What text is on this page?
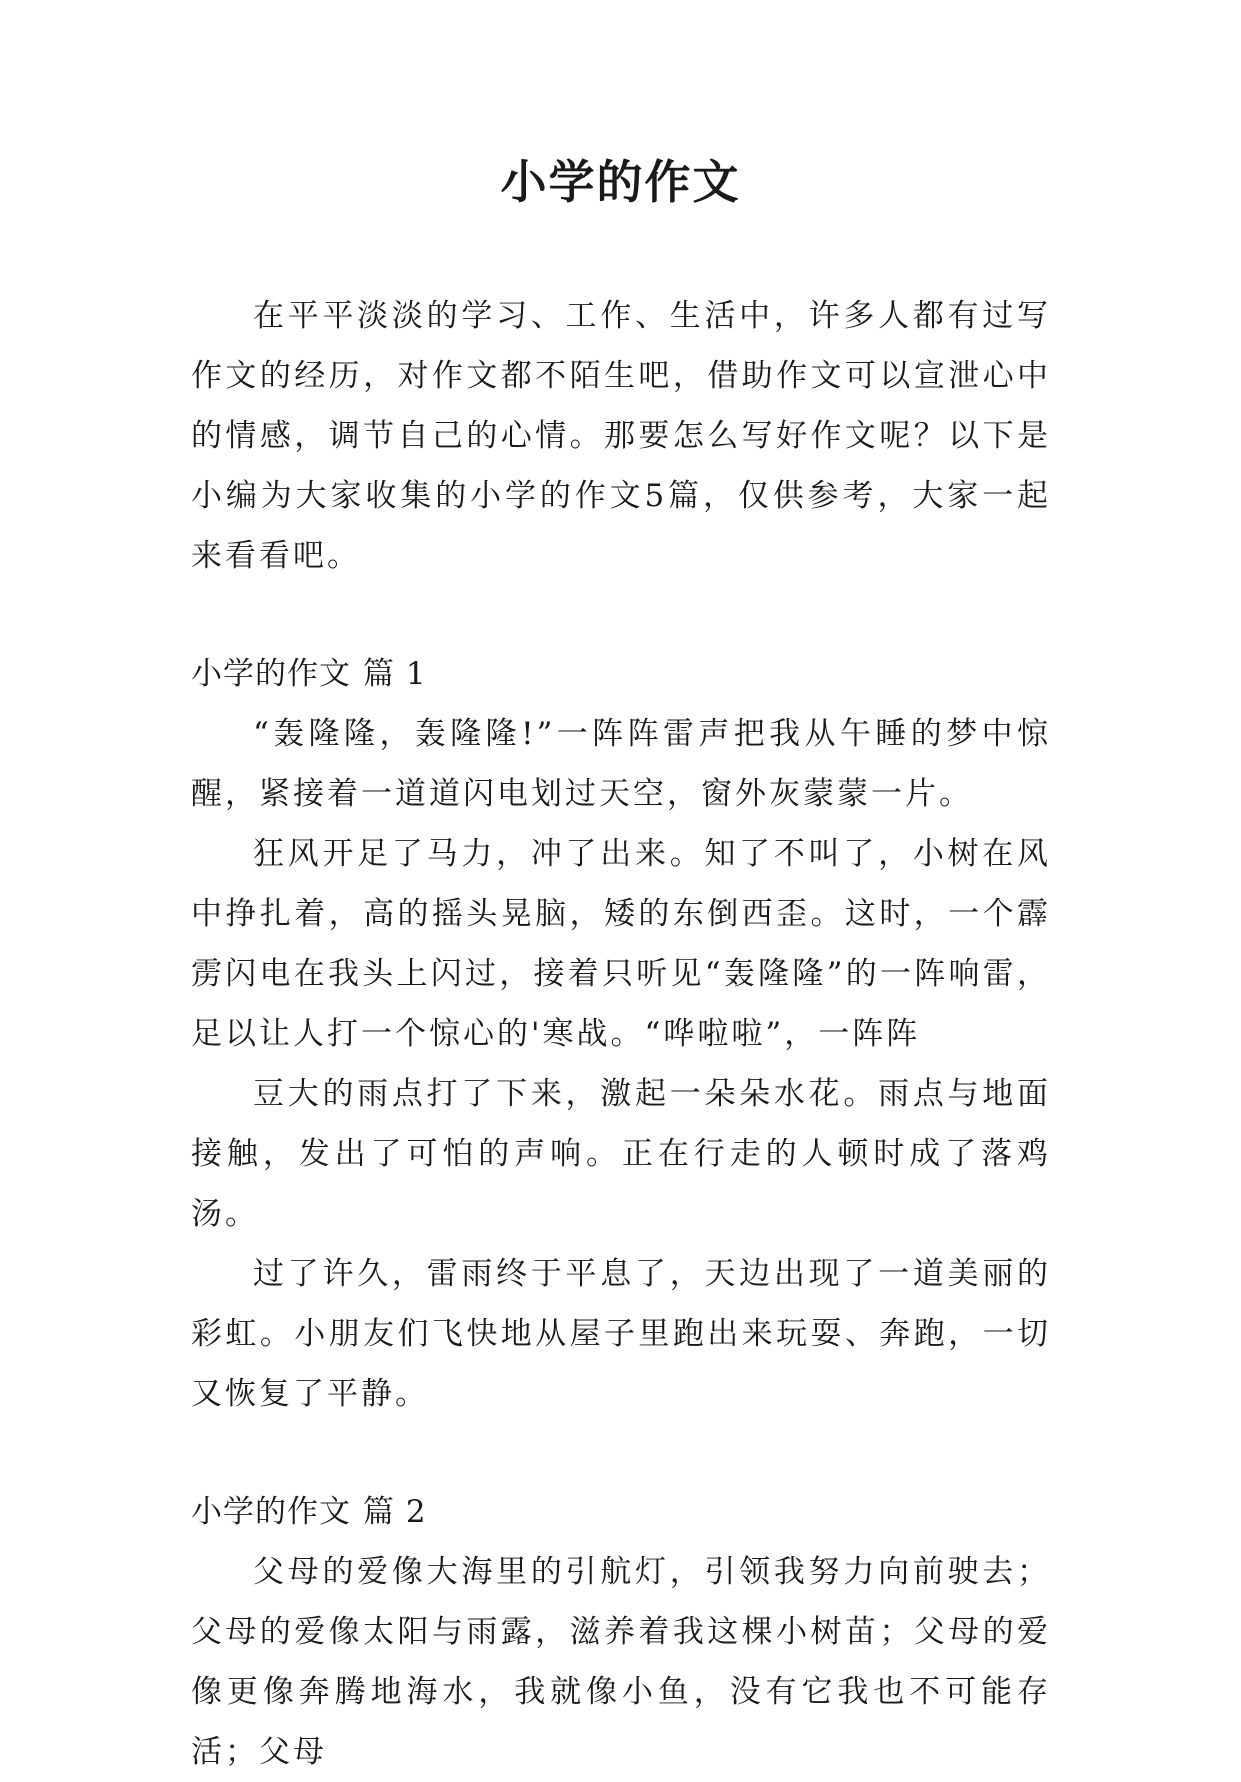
小学的作文

在平平淡淡的学习、工作、生活中，许多人都有过写作文的经历，对作文都不陌生吧，借助作文可以宣泄心中的情感，调节自己的心情。那要怎么写好作文呢？以下是小编为大家收集的小学的作文5篇，仅供参考，大家一起来看看吧。

小学的作文 篇 1

“轰隆隆，轰隆隆!”一阵阵雷声把我从午睡的梦中惊醒，紧接着一道道闪电划过天空，窗外灰蒙蒙一片。

狂风开足了马力，冲了出来。知了不叫了，小树在风中挣扎着，高的摇头晃脑，矮的东倒西歪。这时，一个霹雳闪电在我头上闪过，接着只听见“轰隆隆”的一阵响雷，足以让人打一个惊心的'寒战。“哗啦啦”，一阵阵

豆大的雨点打了下来，激起一朵朵水花。雨点与地面接触，发出了可怕的声响。正在行走的人顿时成了落鸡汤。

过了许久，雷雨终于平息了，天边出现了一道美丽的彩虹。小朋友们飞快地从屋子里跑出来玩耍、奔跑，一切又恢复了平静。

小学的作文 篇 2

父母的爱像大海里的引航灯，引领我努力向前驶去；父母的爱像太阳与雨露，滋养着我这棵小树苗；父母的爱像更像奔腾地海水，我就像小鱼，没有它我也不可能存活；父母
